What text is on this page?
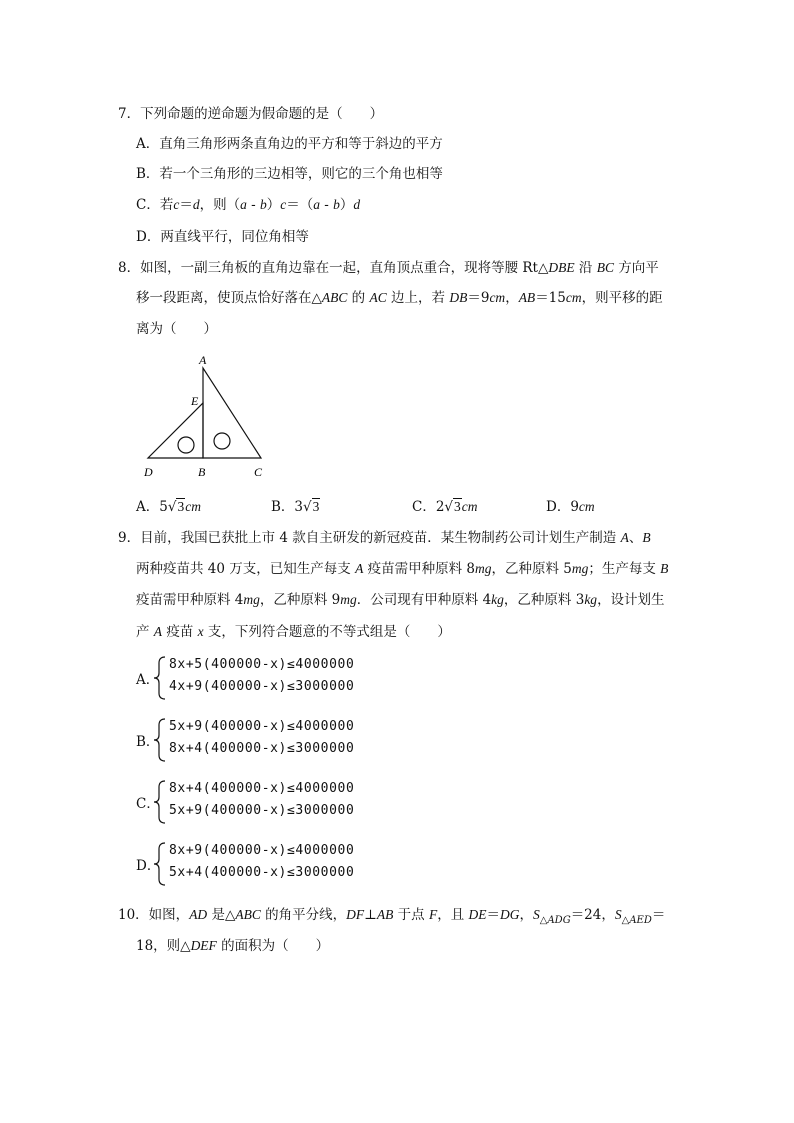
7．下列命题的逆命题为假命题的是（　　）
A．直角三角形两条直角边的平方和等于斜边的平方
B．若一个三角形的三边相等，则它的三个角也相等
C．若c＝d，则（a - b）c＝（a - b）d
D．两直线平行，同位角相等
8．如图，一副三角板的直角边靠在一起，直角顶点重合，现将等腰 Rt△DBE 沿 BC 方向平
移一段距离，使顶点恰好落在△ABC 的 AC 边上，若 DB＝9cm，AB＝15cm，则平移的距
离为（　　）
A
E
D	B	C
A．5√3cm	B．3√3	C．2√3cm	D．9cm
9．目前，我国已获批上市 4 款自主研发的新冠疫苗．某生物制药公司计划生产制造 A、B
两种疫苗共 40 万支，已知生产每支 A 疫苗需甲种原料 8mg，乙种原料 5mg；生产每支 B
疫苗需甲种原料 4mg，乙种原料 9mg．公司现有甲种原料 4kg，乙种原料 3kg，设计划生
产 A 疫苗 x 支，下列符合题意的不等式组是（　　）
A．
8x+5(400000-x)≤4000000
4x+9(400000-x)≤3000000
B．
5x+9(400000-x)≤4000000
8x+4(400000-x)≤3000000
C．
8x+4(400000-x)≤4000000
5x+9(400000-x)≤3000000
D．
8x+9(400000-x)≤4000000
5x+4(400000-x)≤3000000
10．如图，AD 是△ABC 的角平分线，DF⊥AB 于点 F，且 DE＝DG，$S_{\triangle ADG}=24$，$S_{\triangle AED}=$
18，则△DEF 的面积为（　　）
